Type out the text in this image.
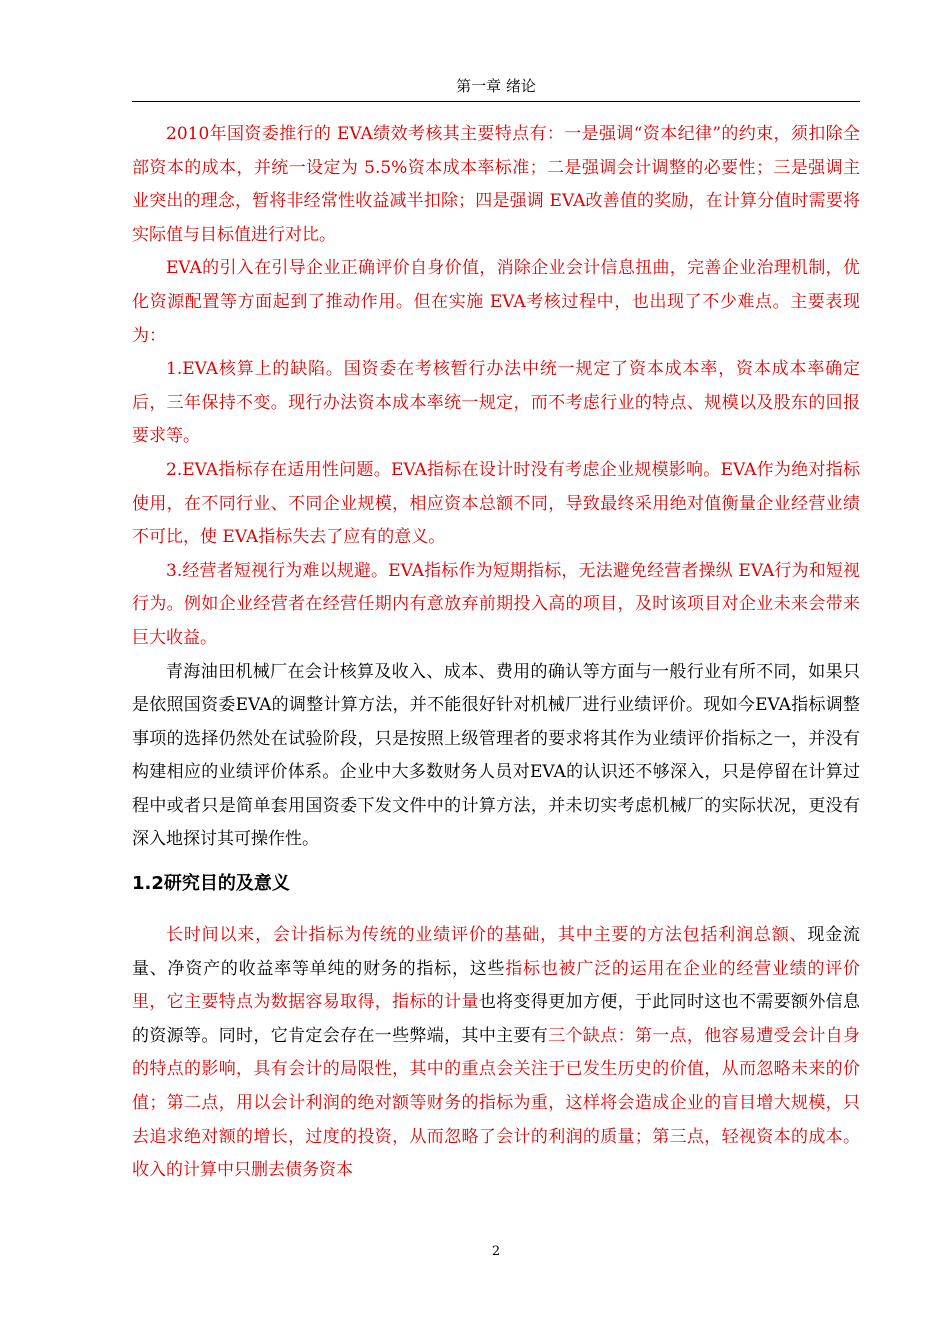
第一章 绪论

2010年国资委推行的 EVA绩效考核其主要特点有：一是强调“资本纪律”的约束，须扣除全部资本的成本，并统一设定为 5.5%资本成本率标准；二是强调会计调整的必要性；三是强调主业突出的理念，暂将非经常性收益减半扣除；四是强调 EVA改善值的奖励，在计算分值时需要将实际值与目标值进行对比。

EVA的引入在引导企业正确评价自身价值，消除企业会计信息扭曲，完善企业治理机制，优化资源配置等方面起到了推动作用。但在实施 EVA考核过程中，也出现了不少难点。主要表现为：

1.EVA核算上的缺陷。国资委在考核暂行办法中统一规定了资本成本率，资本成本率确定后，三年保持不变。现行办法资本成本率统一规定，而不考虑行业的特点、规模以及股东的回报要求等。

2.EVA指标存在适用性问题。EVA指标在设计时没有考虑企业规模影响。EVA作为绝对指标使用，在不同行业、不同企业规模，相应资本总额不同，导致最终采用绝对值衡量企业经营业绩不可比，使 EVA指标失去了应有的意义。

3.经营者短视行为难以规避。EVA指标作为短期指标，无法避免经营者操纵 EVA行为和短视行为。例如企业经营者在经营任期内有意放弃前期投入高的项目，及时该项目对企业未来会带来巨大收益。

青海油田机械厂在会计核算及收入、成本、费用的确认等方面与一般行业有所不同，如果只是依照国资委EVA的调整计算方法，并不能很好针对机械厂进行业绩评价。现如今EVA指标调整事项的选择仍然处在试验阶段，只是按照上级管理者的要求将其作为业绩评价指标之一，并没有构建相应的业绩评价体系。企业中大多数财务人员对EVA的认识还不够深入，只是停留在计算过程中或者只是简单套用国资委下发文件中的计算方法，并未切实考虑机械厂的实际状况，更没有深入地探讨其可操作性。

1.2研究目的及意义

长时间以来，会计指标为传统的业绩评价的基础，其中主要的方法包括利润总额、现金流量、净资产的收益率等单纯的财务的指标，这些指标也被广泛的运用在企业的经营业绩的评价里，它主要特点为数据容易取得，指标的计量也将变得更加方便，于此同时这也不需要额外信息的资源等。同时，它肯定会存在一些弊端，其中主要有三个缺点：第一点，他容易遭受会计自身的特点的影响，具有会计的局限性，其中的重点会关注于已发生历史的价值，从而忽略未来的价值；第二点，用以会计利润的绝对额等财务的指标为重，这样将会造成企业的盲目增大规模，只去追求绝对额的增长，过度的投资，从而忽略了会计的利润的质量；第三点，轻视资本的成本。收入的计算中只删去债务资本

2
